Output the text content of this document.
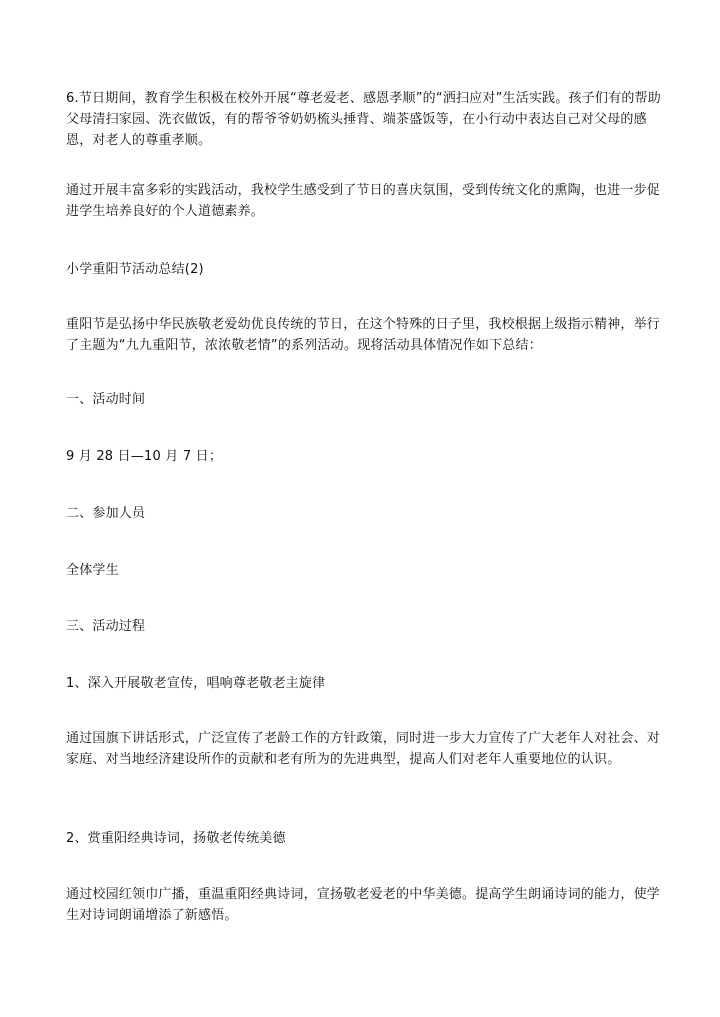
6.节日期间，教育学生积极在校外开展“尊老爱老、感恩孝顺”的“洒扫应对”生活实践。孩子们有的帮助父母清扫家园、洗衣做饭，有的帮爷爷奶奶梳头捶背、端茶盛饭等，在小行动中表达自己对父母的感恩，对老人的尊重孝顺。

通过开展丰富多彩的实践活动，我校学生感受到了节日的喜庆氛围，受到传统文化的熏陶，也进一步促进学生培养良好的个人道德素养。

小学重阳节活动总结(2)

重阳节是弘扬中华民族敬老爱幼优良传统的节日，在这个特殊的日子里，我校根据上级指示精神，举行了主题为“九九重阳节，浓浓敬老情”的系列活动。现将活动具体情况作如下总结：

一、活动时间

9 月 28 日—10 月 7 日；

二、参加人员

全体学生

三、活动过程

1、深入开展敬老宣传，唱响尊老敬老主旋律

通过国旗下讲话形式，广泛宣传了老龄工作的方针政策，同时进一步大力宣传了广大老年人对社会、对家庭、对当地经济建设所作的贡献和老有所为的先进典型，提高人们对老年人重要地位的认识。

2、赏重阳经典诗词，扬敬老传统美德

通过校园红领巾广播，重温重阳经典诗词，宣扬敬老爱老的中华美德。提高学生朗诵诗词的能力，使学生对诗词朗诵增添了新感悟。
